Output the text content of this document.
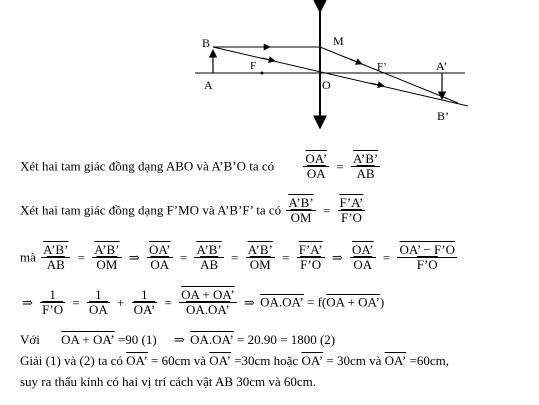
B
A
F
M
O
F’	A’
B’
Xét hai tam giác đồng dạng ABO và A’B’O ta có $\frac{OA’}{OA} = \frac{A’B’}{AB}$
Xét hai tam giác đồng dạng F’MO và A’B’F’ ta có $\frac{A’B’}{OM} = \frac{F’A’}{F’O}$
mà $\frac{A’B’}{AB} = \frac{A’B’}{OM}$ ⇒ $\frac{OA’}{OA} = \frac{A’B’}{AB} = \frac{A’B’}{OM} = \frac{F’A’}{F’O}$ ⇒ $\frac{OA’}{OA} = \frac{OA’ - F’O}{F’O}$
⇒ $\frac{1}{F’O} = \frac{1}{OA} + \frac{1}{OA’} = \frac{OA + OA’}{OA.OA’}$ ⇒ OA.OA’ = f(OA + OA’)
Với OA + OA’ =90 (1) ⇒ OA.OA’ = 20.90 = 1800 (2)
Giải (1) và (2) ta có OA’ = 60cm và OA’ =30cm hoặc OA’ = 30cm và OA’ =60cm,
suy ra thấu kính có hai vị trí cách vật AB 30cm và 60cm.
